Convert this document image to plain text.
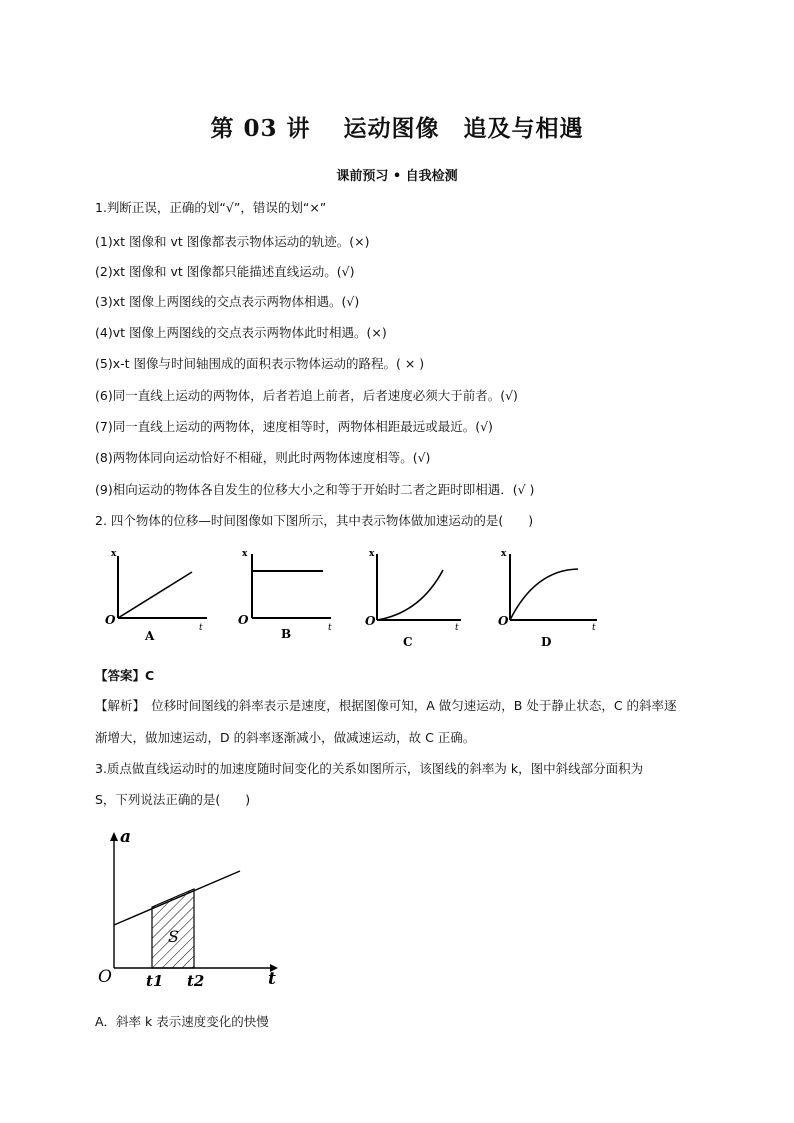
第 03 讲　 运动图像　追及与相遇
课前预习 • 自我检测
1.判断正误，正确的划“√”，错误的划“×”
(1)xt 图像和 vt 图像都表示物体运动的轨迹。(×)
(2)xt 图像和 vt 图像都只能描述直线运动。(√)
(3)xt 图像上两图线的交点表示两物体相遇。(√)
(4)vt 图像上两图线的交点表示两物体此时相遇。(×)
(5)x-t 图像与时间轴围成的面积表示物体运动的路程。( × )
(6)同一直线上运动的两物体，后者若追上前者，后者速度必须大于前者。(√)
(7)同一直线上运动的两物体，速度相等时，两物体相距最远或最近。(√)
(8)两物体同向运动恰好不相碰，则此时两物体速度相等。(√)
(9)相向运动的物体各自发生的位移大小之和等于开始时二者之距时即相遇．(√ )
2. 四个物体的位移—时间图像如下图所示，其中表示物体做加速运动的是(　　)
x
t
O
A
x
t
O
B
x
t
O
C
x
t
O
D
【答案】C
【解析】　位移时间图线的斜率表示是速度，根据图像可知，A 做匀速运动，B 处于静止状态，C 的斜率逐
渐增大，做加速运动，D 的斜率逐渐减小，做减速运动，故 C 正确。
3.质点做直线运动时的加速度随时间变化的关系如图所示，该图线的斜率为 k，图中斜线部分面积为
S，下列说法正确的是(　　)
a
t
O
S
t1 t2
A．斜率 k 表示速度变化的快慢
